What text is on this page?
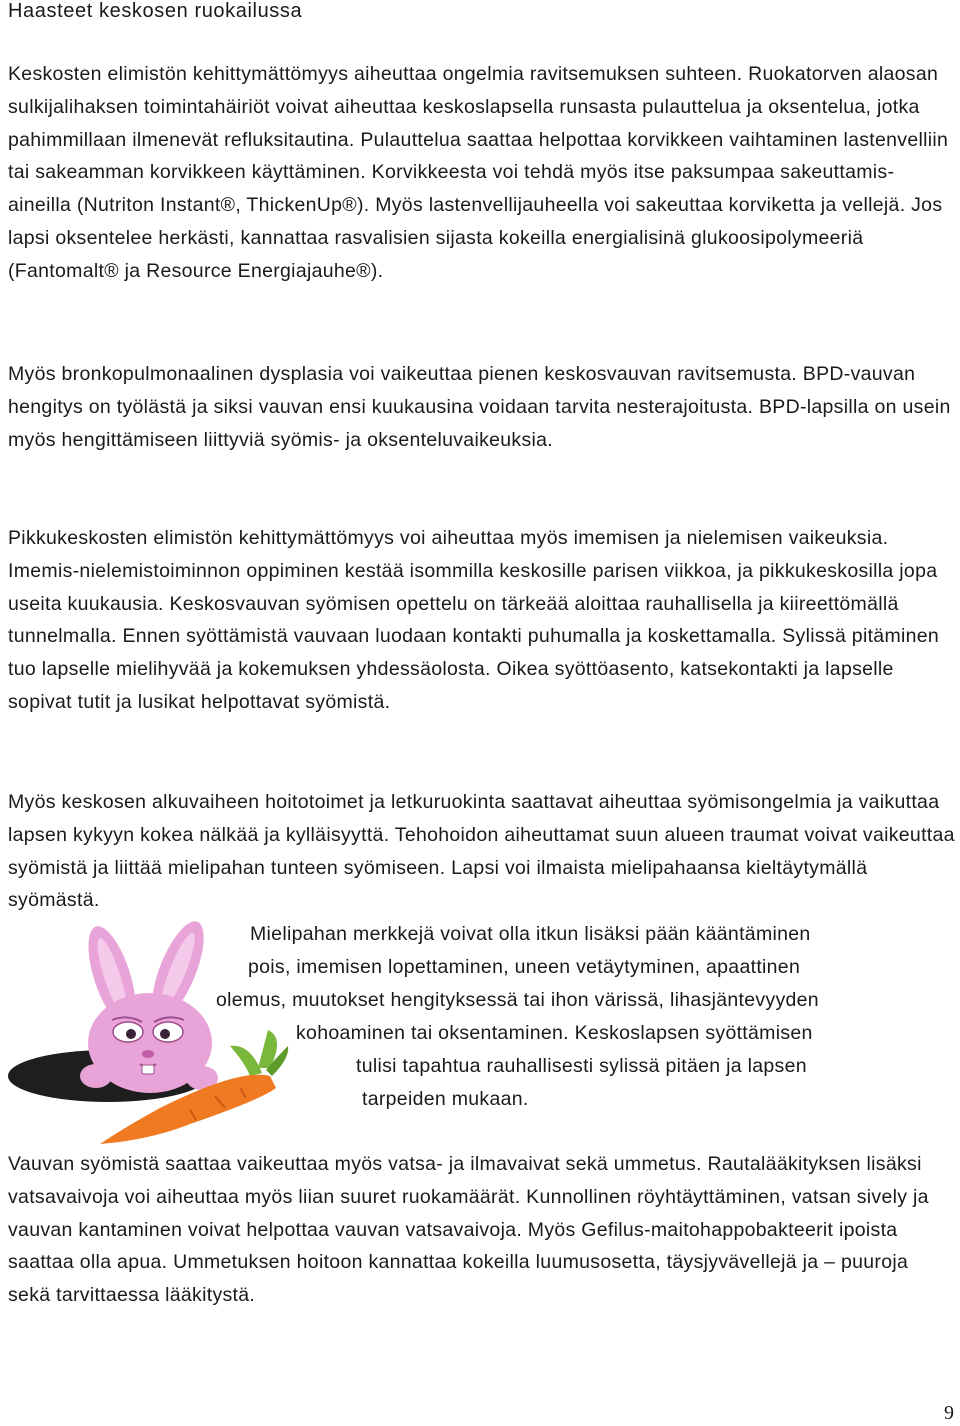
Haasteet keskosen ruokailussa

Keskosten elimistön kehittymättömyys aiheuttaa ongelmia ravitsemuksen suhteen. Ruokatorven alaosan sulkijalihaksen toimintahäiriöt voivat aiheuttaa keskoslapsella runsasta pulauttelua ja oksentelua, jotka pahimmillaan ilmenevät refluksitautina. Pulauttelua saattaa helpottaa korvikkeen vaihtaminen lastenvelliin tai sakeamman korvikkeen käyttäminen. Korvikkeesta voi tehdä myös itse paksumpaa sakeuttamis-aineilla (Nutriton Instant®, ThickenUp®). Myös lastenvellijauheella voi sakeuttaa korviketta ja vellejä. Jos lapsi oksentelee herkästi, kannattaa rasvalisien sijasta kokeilla energialisinä glukoosipolymeeriä (Fantomalt® ja Resource Energiajauhe®).

Myös bronkopulmonaalinen dysplasia voi vaikeuttaa pienen keskosvauvan ravitsemusta. BPD-vauvan hengitys on työlästä ja siksi vauvan ensi kuukausina voidaan tarvita nesterajoitusta. BPD-lapsilla on usein myös hengittämiseen liittyviä syömis- ja oksenteluvaikeuksia.

Pikkukeskosten elimistön kehittymättömyys voi aiheuttaa myös imemisen ja nielemisen vaikeuksia. Imemis-nielemistoiminnon oppiminen kestää isommilla keskosille parisen viikkoa, ja pikkukeskosilla jopa useita kuukausia. Keskosvauvan syömisen opettelu on tärkeää aloittaa rauhallisella ja kiireettömällä tunnelmalla. Ennen syöttämistä vauvaan luodaan kontakti puhumalla ja koskettamalla. Sylissä pitäminen tuo lapselle mielihyvää ja kokemuksen yhdessäolosta. Oikea syöttöasento, katsekontakti ja lapselle sopivat tutit ja lusikat helpottavat syömistä.

Myös keskosen alkuvaiheen hoitotoimet ja letkuruokinta saattavat aiheuttaa syömisongelmia ja vaikuttaa lapsen kykyyn kokea nälkää ja kylläisyyttä. Tehohoidon aiheuttamat suun alueen traumat voivat vaikeuttaa syömistä ja liittää mielipahan tunteen syömiseen. Lapsi voi ilmaista mielipahaansa kieltäytymällä syömästä.

Mielipahan merkkejä voivat olla itkun lisäksi pään kääntäminen
pois, imemisen lopettaminen, uneen vetäytyminen, apaattinen
olemus, muutokset hengityksessä tai ihon värissä, lihasjäntevyyden
kohoaminen tai oksentaminen. Keskoslapsen syöttämisen
tulisi tapahtua rauhallisesti sylissä pitäen ja lapsen
tarpeiden mukaan.

Vauvan syömistä saattaa vaikeuttaa myös vatsa- ja ilmavaivat sekä ummetus. Rautalääkityksen lisäksi vatsavaivoja voi aiheuttaa myös liian suuret ruokamäärät. Kunnollinen röyhtäyttäminen, vatsan sively ja vauvan kantaminen voivat helpottaa vauvan vatsavaivoja. Myös Gefilus-maitohappobakteerit ipoista saattaa olla apua. Ummetuksen hoitoon kannattaa kokeilla luumusosetta, täysjyvävellejä ja – puuroja sekä tarvittaessa lääkitystä.

9
